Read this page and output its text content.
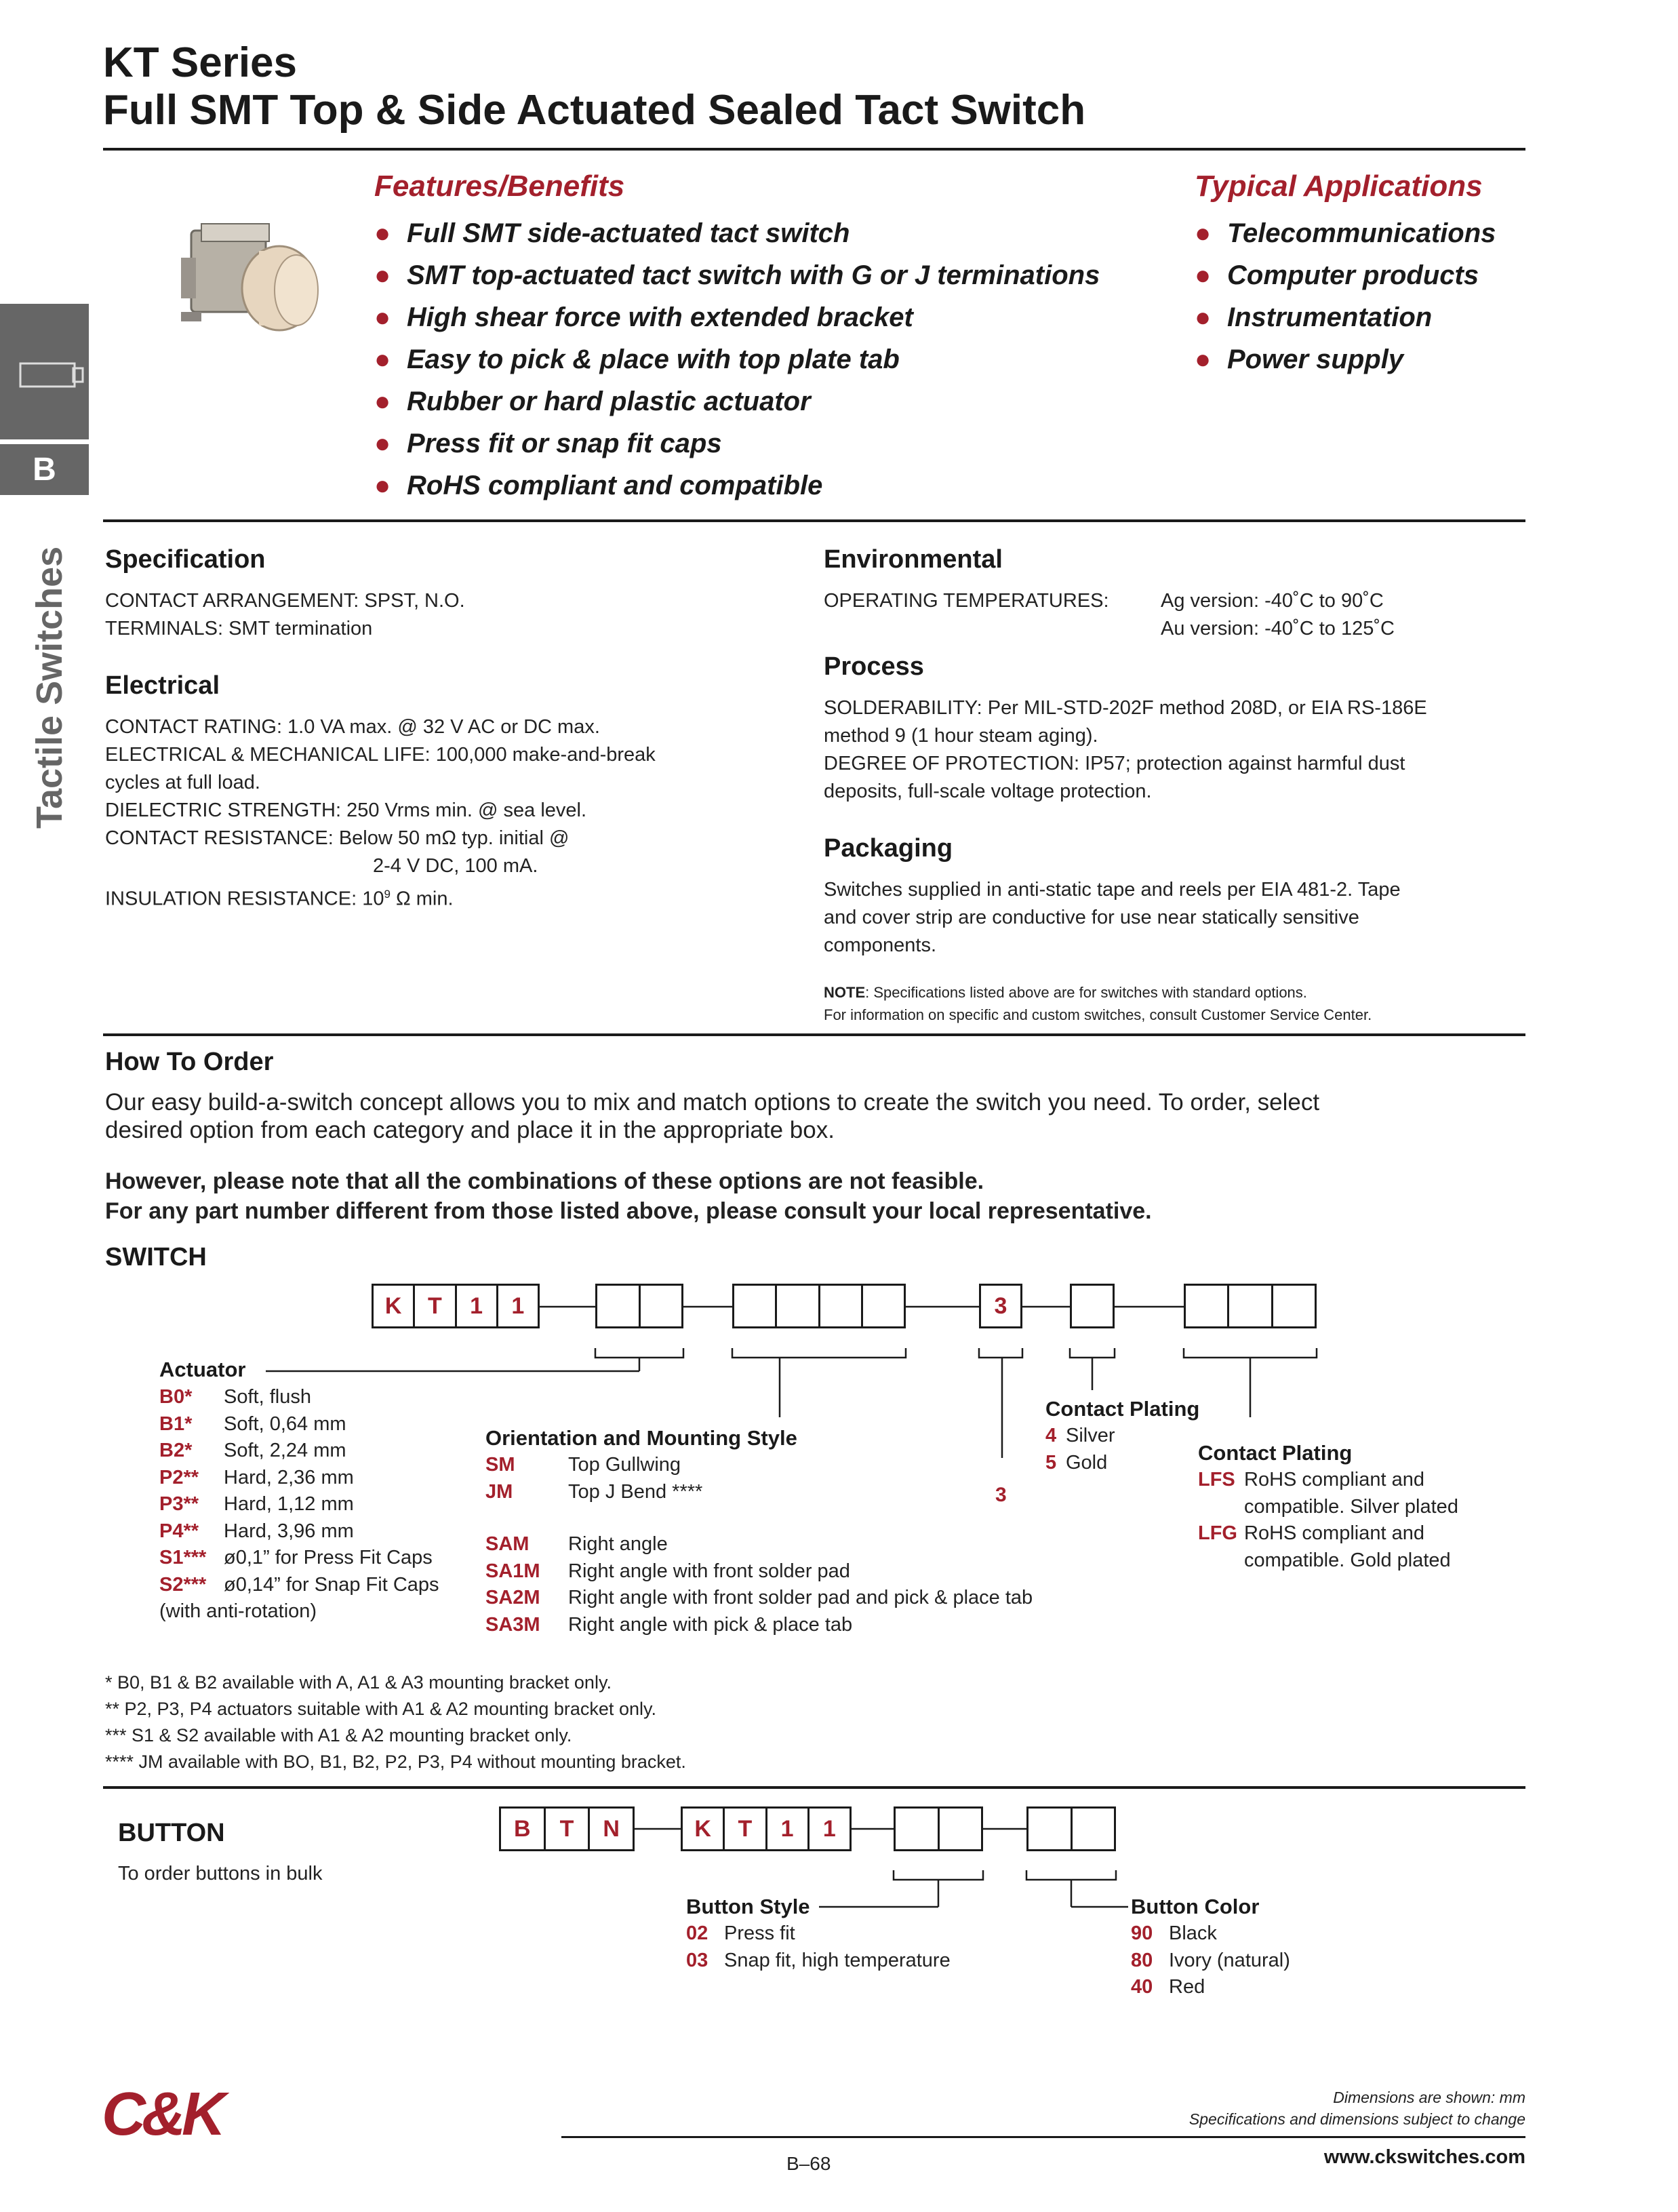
KT Series
Full SMT Top & Side Actuated Sealed Tact Switch
B
Tactile Switches
Features/Benefits
● Full SMT side-actuated tact switch
● SMT top-actuated tact switch with G or J terminations
● High shear force with extended bracket
● Easy to pick & place with top plate tab
● Rubber or hard plastic actuator
● Press fit or snap fit caps
● RoHS compliant and compatible
Typical Applications
● Telecommunications
● Computer products
● Instrumentation
● Power supply
Specification
CONTACT ARRANGEMENT: SPST, N.O.
TERMINALS: SMT termination
Electrical
CONTACT RATING: 1.0 VA max. @ 32 V AC or DC max.
ELECTRICAL & MECHANICAL LIFE: 100,000 make-and-break
cycles at full load.
DIELECTRIC STRENGTH: 250 Vrms min. @ sea level.
CONTACT RESISTANCE: Below 50 mΩ typ. initial @
2-4 V DC, 100 mA.
INSULATION RESISTANCE: $10^9$ Ω min.
Environmental
OPERATING TEMPERATURES:	Ag version: -40˚C to 90˚C
Au version: -40˚C to 125˚C
Process
SOLDERABILITY: Per MIL-STD-202F method 208D, or EIA RS-186E
method 9 (1 hour steam aging).
DEGREE OF PROTECTION: IP57; protection against harmful dust
deposits, full-scale voltage protection.
Packaging
Switches supplied in anti-static tape and reels per EIA 481-2. Tape
and cover strip are conductive for use near statically sensitive
components.
NOTE: Specifications listed above are for switches with standard options.
For information on specific and custom switches, consult Customer Service Center.
How To Order
Our easy build-a-switch concept allows you to mix and match options to create the switch you need. To order, select
desired option from each category and place it in the appropriate box.
However, please note that all the combinations of these options are not feasible.
For any part number different from those listed above, please consult your local representative.
SWITCH
K	T	1	1	3
Actuator
B0* Soft, flush
B1* Soft, 0,64 mm
B2* Soft, 2,24 mm
P2** Hard, 2,36 mm
P3** Hard, 1,12 mm
P4** Hard, 3,96 mm
S1*** ø0,1” for Press Fit Caps
S2*** ø0,14” for Snap Fit Caps
(with anti-rotation)
Orientation and Mounting Style
SM	Top Gullwing
JM	Top J Bend ****
SAM Right angle
SA1M Right angle with front solder pad
SA2M Right angle with front solder pad and pick & place tab
SA3M Right angle with pick & place tab
3
Contact Plating
4 Silver
5 Gold	Contact Plating
LFS RoHS compliant and
compatible. Silver plated
LFG RoHS compliant and
compatible. Gold plated
* B0, B1 & B2 available with A, A1 & A3 mounting bracket only.
** P2, P3, P4 actuators suitable with A1 & A2 mounting bracket only.
*** S1 & S2 available with A1 & A2 mounting bracket only.
**** JM available with BO, B1, B2, P2, P3, P4 without mounting bracket.
BUTTON
To order buttons in bulk
B	T	N	K	T	1	1
Button Style
02 Press fit
03 Snap fit, high temperature
Button Color
90 Black
80 Ivory (natural)
40 Red
C&K	Dimensions are shown: mm
Specifications and dimensions subject to change
B–68	www.ckswitches.com
